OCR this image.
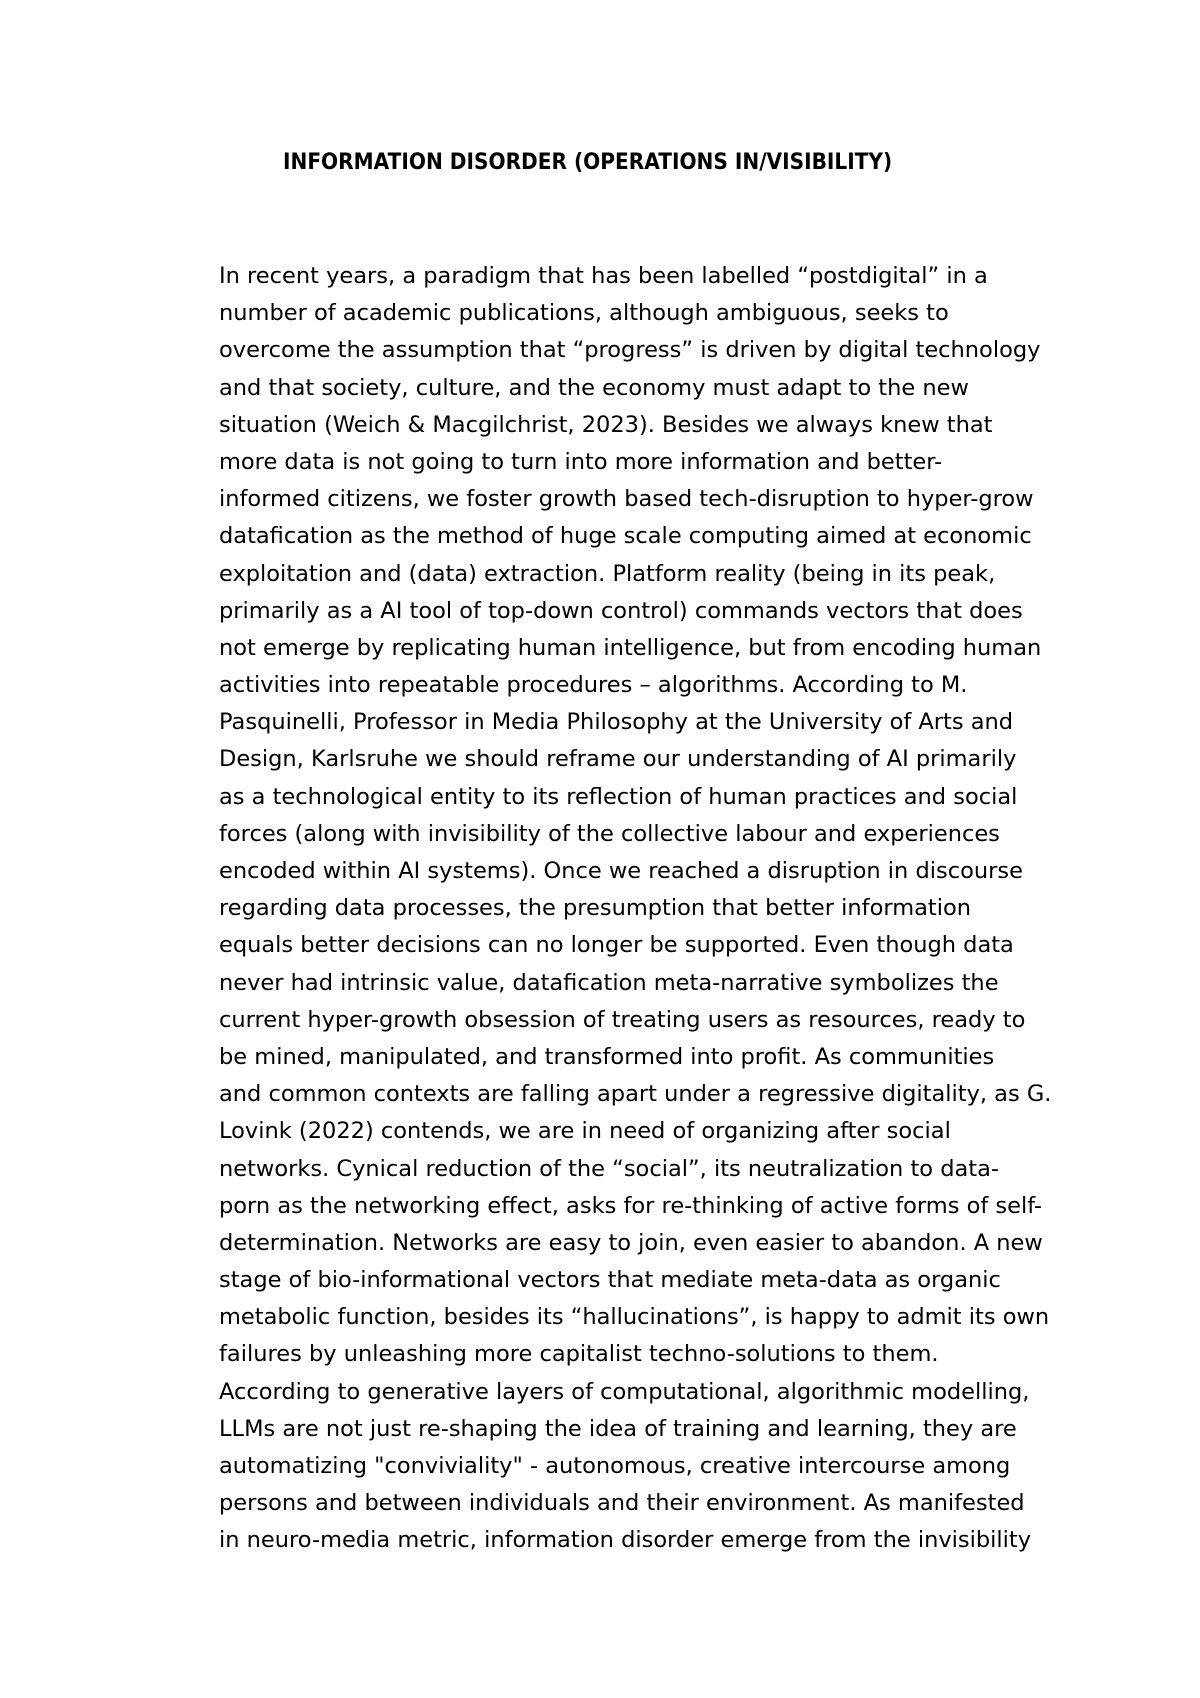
INFORMATION DISORDER (OPERATIONS IN/VISIBILITY)
In recent years, a paradigm that has been labelled “postdigital” in a
number of academic publications, although ambiguous, seeks to
overcome the assumption that “progress” is driven by digital technology
and that society, culture, and the economy must adapt to the new
situation (Weich & Macgilchrist, 2023). Besides we always knew that
more data is not going to turn into more information and better-
informed citizens, we foster growth based tech-disruption to hyper-grow
datafication as the method of huge scale computing aimed at economic
exploitation and (data) extraction. Platform reality (being in its peak,
primarily as a AI tool of top-down control) commands vectors that does
not emerge by replicating human intelligence, but from encoding human
activities into repeatable procedures – algorithms. According to M.
Pasquinelli, Professor in Media Philosophy at the University of Arts and
Design, Karlsruhe we should reframe our understanding of AI primarily
as a technological entity to its reflection of human practices and social
forces (along with invisibility of the collective labour and experiences
encoded within AI systems). Once we reached a disruption in discourse
regarding data processes, the presumption that better information
equals better decisions can no longer be supported. Even though data
never had intrinsic value, datafication meta-narrative symbolizes the
current hyper-growth obsession of treating users as resources, ready to
be mined, manipulated, and transformed into profit. As communities
and common contexts are falling apart under a regressive digitality, as G.
Lovink (2022) contends, we are in need of organizing after social
networks. Cynical reduction of the “social”, its neutralization to data-
porn as the networking effect, asks for re-thinking of active forms of self-
determination. Networks are easy to join, even easier to abandon. A new
stage of bio-informational vectors that mediate meta-data as organic
metabolic function, besides its “hallucinations”, is happy to admit its own
failures by unleashing more capitalist techno-solutions to them.
According to generative layers of computational, algorithmic modelling,
LLMs are not just re-shaping the idea of training and learning, they are
automatizing "conviviality" - autonomous, creative intercourse among
persons and between individuals and their environment. As manifested
in neuro-media metric, information disorder emerge from the invisibility
